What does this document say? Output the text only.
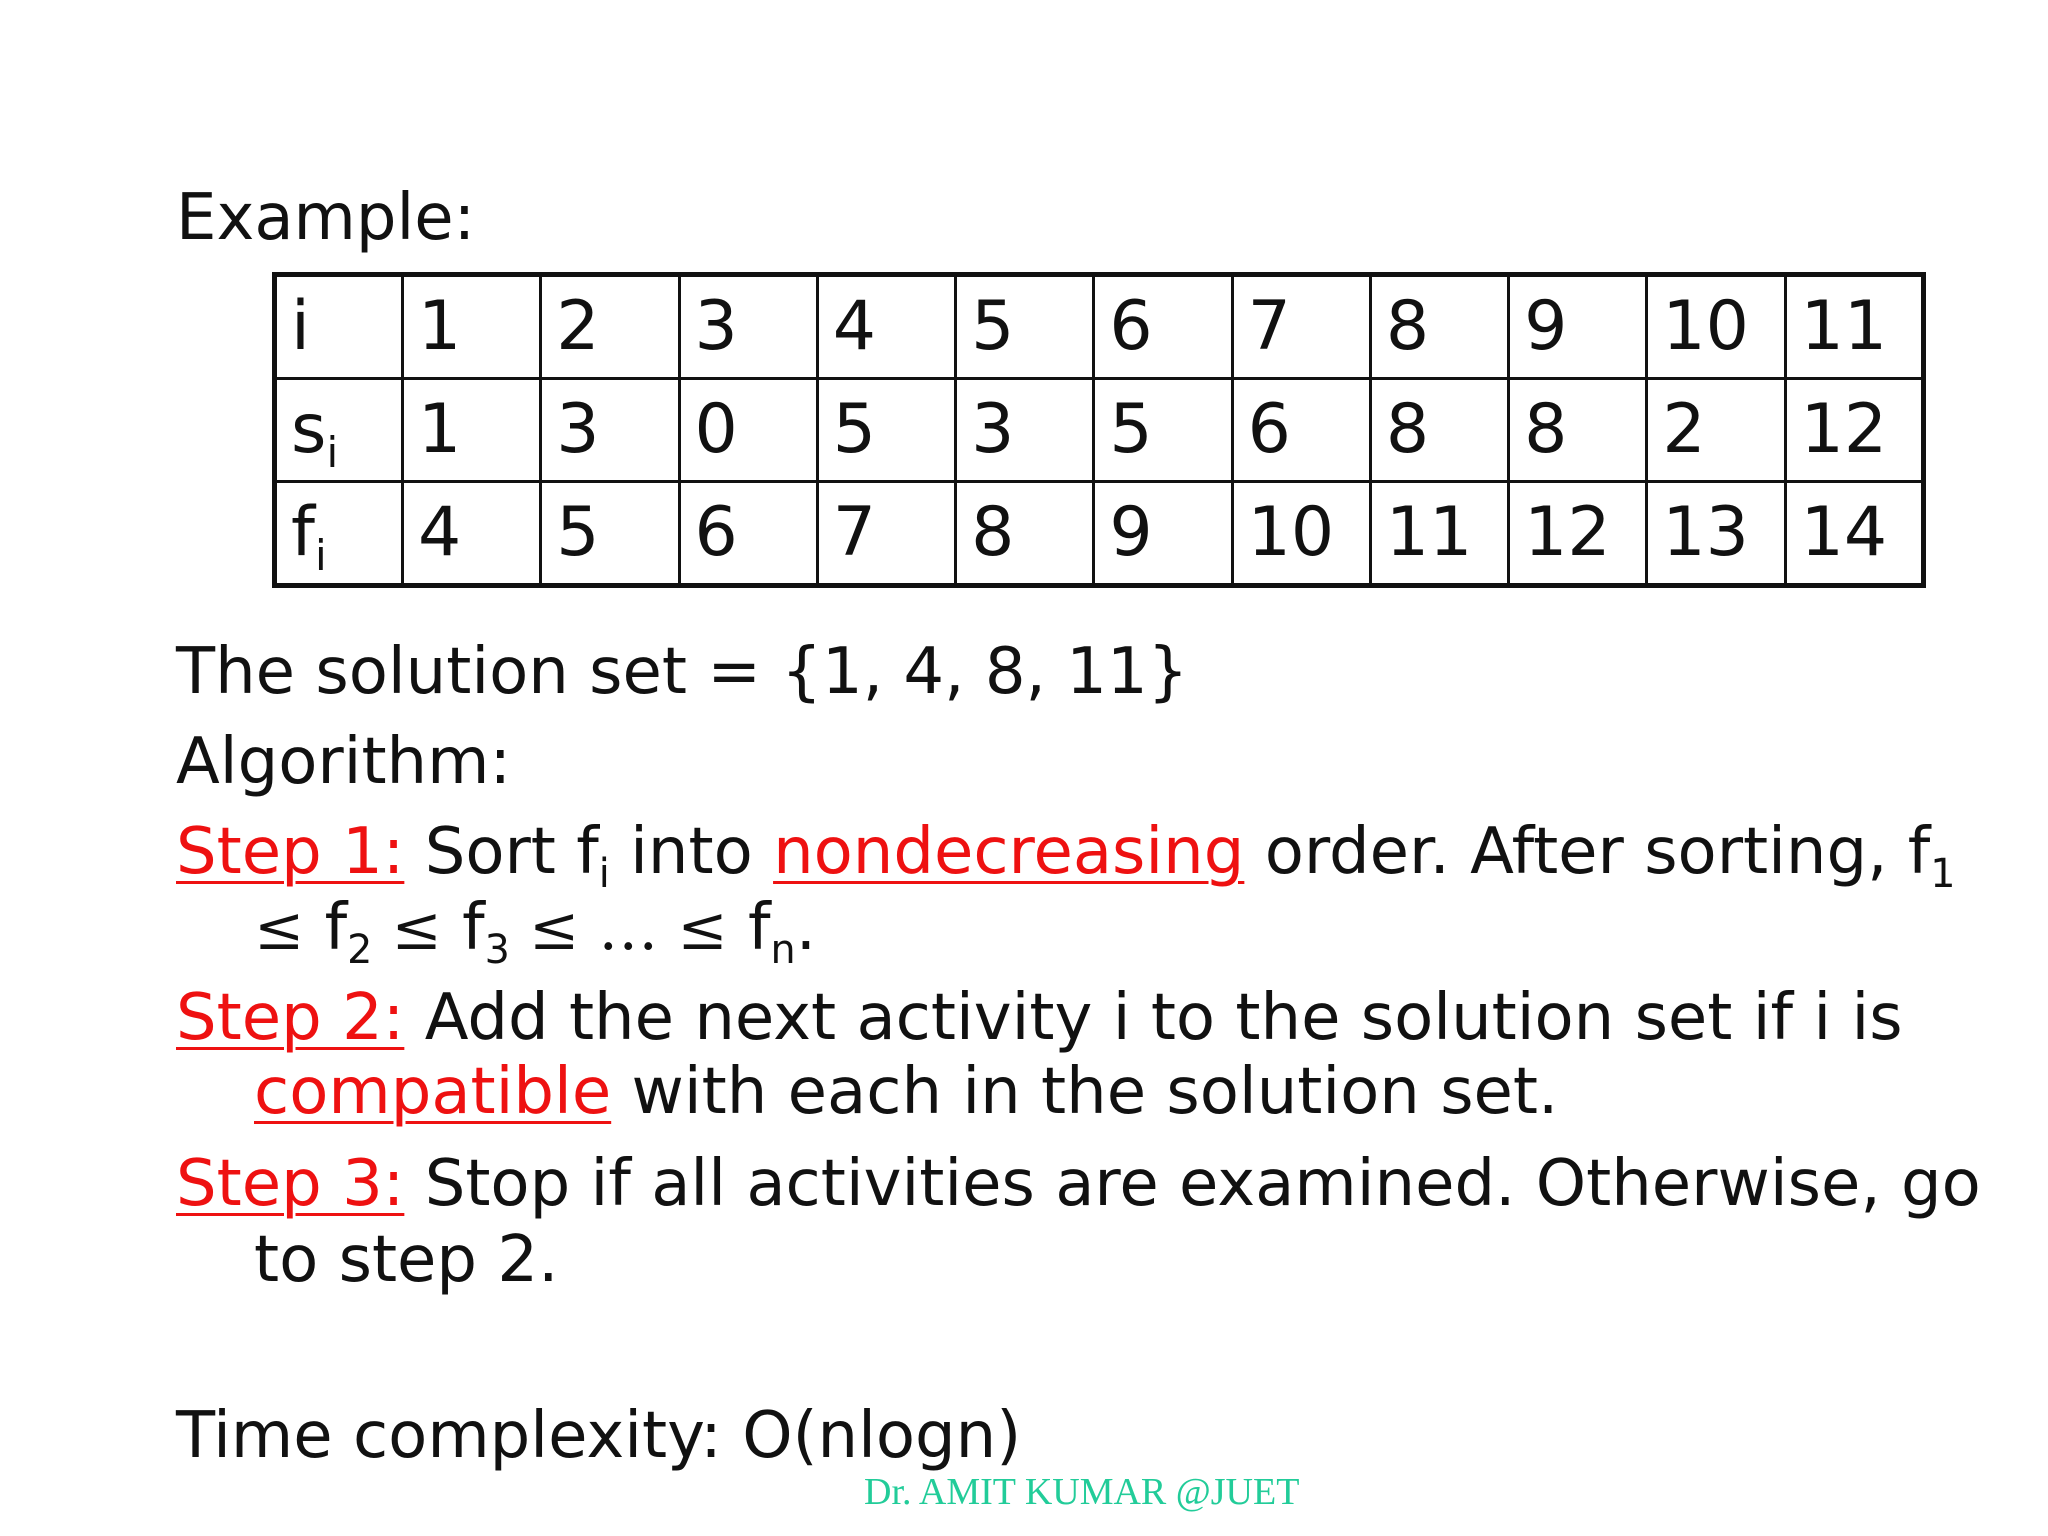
Example:
i	1	2	3	4	5	6	7	8	9	10	11
$s_i$	1	3	0	5	3	5	6	8	8	2	12
$f_i$	4	5	6	7	8	9	10	11	12	13	14
The solution set = {1, 4, 8, 11}
Algorithm:
Step 1: Sort $f_i$ into nondecreasing order. After sorting, $f_1$
≤ $f_2 \le f_3$ ≤ … ≤ $f_n$.
Step 2: Add the next activity i to the solution set if i is
compatible with each in the solution set.
Step 3: Stop if all activities are examined. Otherwise, go
to step 2.
Time complexity: O(nlogn)
Dr. AMIT KUMAR @JUET
